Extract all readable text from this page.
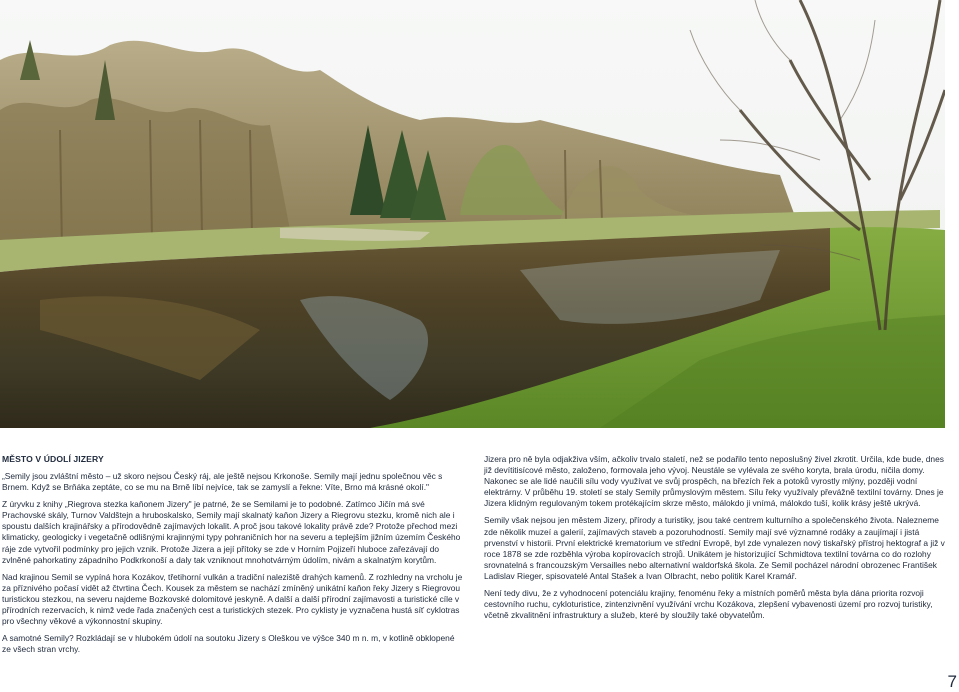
MĚSTO V ÚDOLÍ JIZERY

„Semily jsou zvláštní město – už skoro nejsou Český ráj, ale ještě nejsou Krkonoše. Semily mají jednu společnou věc s Brnem. Když se Brňáka zeptáte, co se mu na Brně líbí nejvíce, tak se zamyslí a řekne: Víte, Brno má krásné okolí."

Z úryvku z knihy „Riegrova stezka kaňonem Jizery" je patrné, že se Semilami je to podobné. Zatímco Jičín má své Prachovské skály, Turnov Valdštejn a hruboskalsko, Semily mají skalnatý kaňon Jizery a Riegrovu stezku, kromě nich ale i spoustu dalších krajinářsky a přírodovědně zajímavých lokalit. A proč jsou takové lokality právě zde? Protože přechod mezi klimaticky, geologicky i vegetačně odlišnými krajinnými typy pohraničních hor na severu a teplejším jižním územím Českého ráje zde vytvořil podmínky pro jejich vznik. Protože Jizera a její přítoky se zde v Horním Pojizeří hluboce zařezávají do zvlněné pahorkatiny západního Podkrkonoší a daly tak vzniknout mnohotvárným údolím, nivám a skalnatým korytům.

Nad krajinou Semil se vypíná hora Kozákov, třetihorní vulkán a tradiční naleziště drahých kamenů. Z rozhledny na vrcholu je za příznivého počasí vidět až čtvrtina Čech. Kousek za městem se nachází zmíněný unikátní kaňon řeky Jizery s Riegrovou turistickou stezkou, na severu najdeme Bozkovské dolomitové jeskyně. A další a další přírodní zajímavosti a turistické cíle v přírodních rezervacích, k nimž vede řada značených cest a turistických stezek. Pro cyklisty je vyznačena hustá síť cyklotras pro všechny věkové a výkonnostní skupiny.

A samotné Semily? Rozkládají se v hlubokém údolí na soutoku Jizery s Oleškou ve výšce 340 m n. m, v kotlině obklopené ze všech stran vrchy.

Jizera pro ně byla odjakživa vším, ačkoliv trvalo staletí, než se podařilo tento neposlušný živel zkrotit. Určila, kde bude, dnes již devítitisícové město, založeno, formovala jeho vývoj. Neustále se vylévala ze svého koryta, brala úrodu, ničila domy. Nakonec se ale lidé naučili sílu vody využívat ve svůj prospěch, na březích řek a potoků vyrostly mlýny, později vodní elektrárny. V průběhu 19. století se staly Semily průmyslovým městem. Sílu řeky využívaly převážně textilní továrny. Dnes je Jizera klidným regulovaným tokem protékajícím skrze město, málokdo ji vnímá, málokdo tuší, kolik krásy ještě ukrývá.

Semily však nejsou jen městem Jizery, přírody a turistiky, jsou také centrem kulturního a společenského života. Nalezneme zde několik muzeí a galerií, zajímavých staveb a pozoruhodností. Semily mají své významné rodáky a zaujímají i jistá prvenství v historii. První elektrické krematorium ve střední Evropě, byl zde vynalezen nový tiskařský přístroj hektograf a již v roce 1878 se zde rozběhla výroba kopírovacích strojů. Unikátem je historizující Schmidtova textilní továrna co do rozlohy srovnatelná s francouzským Versailles nebo alternativní waldorfská škola. Ze Semil pocházel národní obrozenec František Ladislav Rieger, spisovatelé Antal Stašek a Ivan Olbracht, nebo politik Karel Kramář.

Není tedy divu, že z vyhodnocení potenciálu krajiny, fenoménu řeky a místních poměrů města byla dána priorita rozvoji cestovního ruchu, cykloturistice, zintenzivnění využívání vrchu Kozákova, zlepšení vybavenosti území pro rozvoj turistiky, včetně zkvalitnění infrastruktury a služeb, které by sloužily také obyvatelům.

7
